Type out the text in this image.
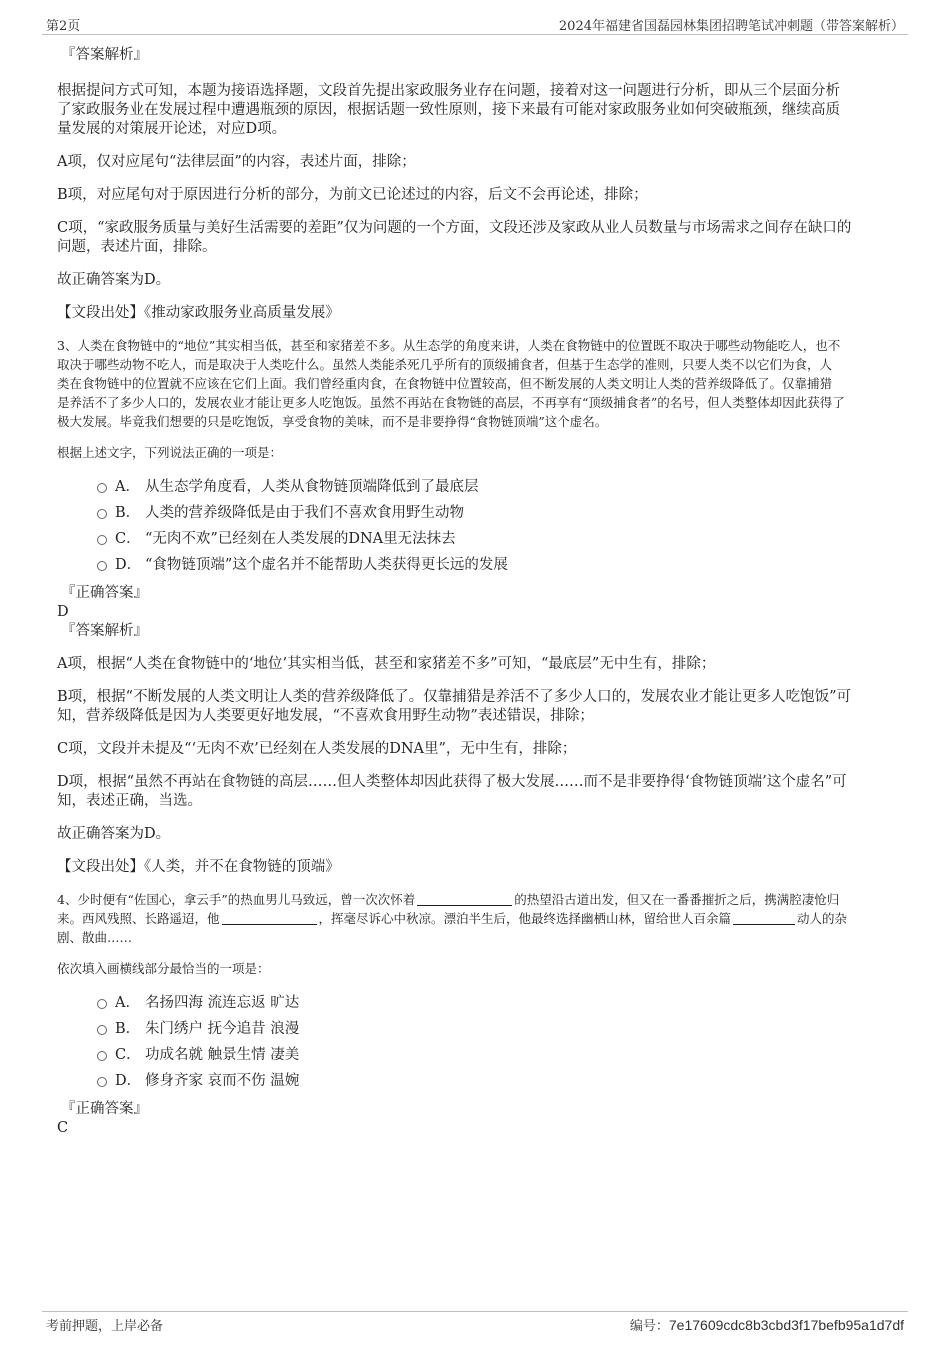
第2页	2024年福建省国磊园林集团招聘笔试冲刺题（带答案解析）

『答案解析』

根据提问方式可知，本题为接语选择题，文段首先提出家政服务业存在问题，接着对这一问题进行分析，即从三个层面分析

了家政服务业在发展过程中遭遇瓶颈的原因，根据话题一致性原则，接下来最有可能对家政服务业如何突破瓶颈，继续高质

量发展的对策展开论述，对应D项。

A项，仅对应尾句“法律层面”的内容，表述片面，排除；

B项，对应尾句对于原因进行分析的部分，为前文已论述过的内容，后文不会再论述，排除；

C项，“家政服务质量与美好生活需要的差距”仅为问题的一个方面，文段还涉及家政从业人员数量与市场需求之间存在缺口的

问题，表述片面，排除。

故正确答案为D。

【文段出处】《推动家政服务业高质量发展》

3、人类在食物链中的“地位”其实相当低，甚至和家猪差不多。从生态学的角度来讲，人类在食物链中的位置既不取决于哪些动物能吃人，也不

取决于哪些动物不吃人，而是取决于人类吃什么。虽然人类能杀死几乎所有的顶级捕食者，但基于生态学的准则，只要人类不以它们为食，人

类在食物链中的位置就不应该在它们上面。我们曾经重肉食，在食物链中位置较高，但不断发展的人类文明让人类的营养级降低了。仅靠捕猎

是养活不了多少人口的，发展农业才能让更多人吃饱饭。虽然不再站在食物链的高层，不再享有“顶级捕食者”的名号，但人类整体却因此获得了

极大发展。毕竟我们想要的只是吃饱饭，享受食物的美味，而不是非要挣得“食物链顶端”这个虚名。

根据上述文字，下列说法正确的一项是：

A． 从生态学角度看，人类从食物链顶端降低到了最底层
B． 人类的营养级降低是由于我们不喜欢食用野生动物
C． “无肉不欢”已经刻在人类发展的DNA里无法抹去
D． “食物链顶端”这个虚名并不能帮助人类获得更长远的发展

『正确答案』

D

『答案解析』

A项，根据“人类在食物链中的‘地位’其实相当低，甚至和家猪差不多”可知，“最底层”无中生有，排除；

B项，根据“不断发展的人类文明让人类的营养级降低了。仅靠捕猎是养活不了多少人口的，发展农业才能让更多人吃饱饭”可

知，营养级降低是因为人类要更好地发展，“不喜欢食用野生动物”表述错误，排除；

C项，文段并未提及“‘无肉不欢’已经刻在人类发展的DNA里”，无中生有，排除；

D项，根据“虽然不再站在食物链的高层……但人类整体却因此获得了极大发展……而不是非要挣得‘食物链顶端’这个虚名”可

知，表述正确，当选。

故正确答案为D。

【文段出处】《人类，并不在食物链的顶端》

4、少时便有“佐国心，拿云手”的热血男儿马致远，曾一次次怀着	的热望沿古道出发，但又在一番番摧折之后，携满腔凄怆归

来。西风残照、长路遥迢，他	，挥毫尽诉心中秋凉。漂泊半生后，他最终选择幽栖山林，留给世人百余篇	动人的杂

剧、散曲……

依次填入画横线部分最恰当的一项是：

A． 名扬四海 流连忘返 旷达
B． 朱门绣户 抚今追昔 浪漫
C． 功成名就 触景生情 凄美
D． 修身齐家 哀而不伤 温婉

『正确答案』

C

考前押题，上岸必备	编号：7e17609cdc8b3cbd3f17befb95a1d7df
